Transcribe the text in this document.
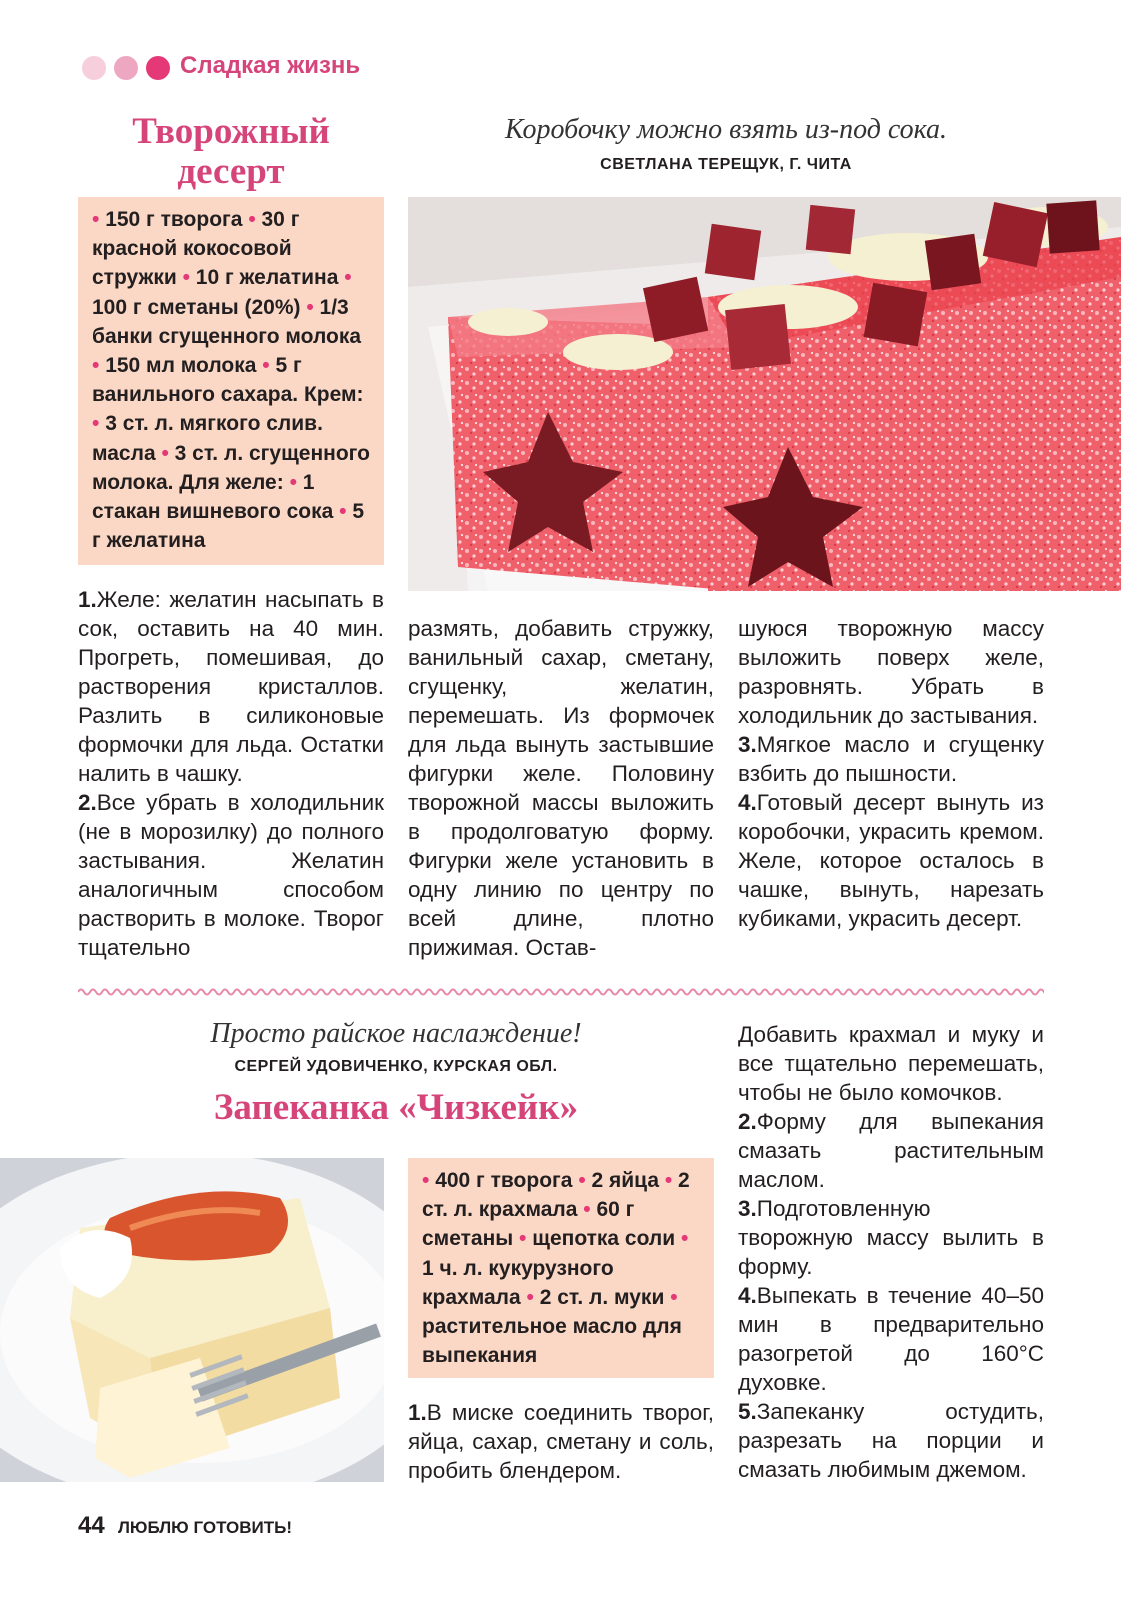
Сладкая жизнь
Творожный
десерт
Коробочку можно взять из-под сока.
СВЕТЛАНА ТЕРЕЩУК, Г. ЧИТА
• 150 г творога • 30 г красной кокосовой стружки • 10 г желатина • 100 г сметаны (20%) • 1/3 банки сгущенного молока • 150 мл молока • 5 г ванильного сахара. Крем: • 3 ст. л. мягкого слив. масла • 3 ст. л. сгущенного молока. Для желе: • 1 стакан вишневого сока • 5 г желатина
1.Желе: желатин насыпать в сок, оставить на 40 мин. Прогреть, помешивая, до растворения кристаллов. Разлить в силиконовые формочки для льда. Остатки налить в чашку.
2.Все убрать в холодильник (не в морозилку) до полного застывания. Желатин аналогичным способом растворить в молоке. Творог тщательно
размять, добавить стружку, ванильный сахар, сметану, сгущенку, желатин, перемешать. Из формочек для льда вынуть застывшие фигурки желе. Половину творожной массы выложить в продолговатую форму. Фигурки желе установить в одну линию по центру по всей длине, плотно прижимая. Остав-
шуюся творожную массу выложить поверх желе, разровнять. Убрать в холодильник до застывания.
3.Мягкое масло и сгущенку взбить до пышности.
4.Готовый десерт вынуть из коробочки, украсить кремом. Желе, которое осталось в чашке, вынуть, нарезать кубиками, украсить десерт.
Просто райское наслаждение!
СЕРГЕЙ УДОВИЧЕНКО, КУРСКАЯ ОБЛ.
Запеканка «Чизкейк»
• 400 г творога • 2 яйца • 2 ст. л. крахмала • 60 г сметаны • щепотка соли • 1 ч. л. кукурузного крахмала • 2 ст. л. муки • растительное масло для выпекания
1.В миске соединить творог, яйца, сахар, сметану и соль, пробить блендером.
Добавить крахмал и муку и все тщательно перемешать, чтобы не было комочков.
2.Форму для выпекания смазать растительным маслом.
3.Подготовленную творожную массу вылить в форму.
4.Выпекать в течение 40–50 мин в предварительно разогретой до 160°C духовке.
5.Запеканку остудить, разрезать на порции и смазать любимым джемом.
44 ЛЮБЛЮ ГОТОВИТЬ!
